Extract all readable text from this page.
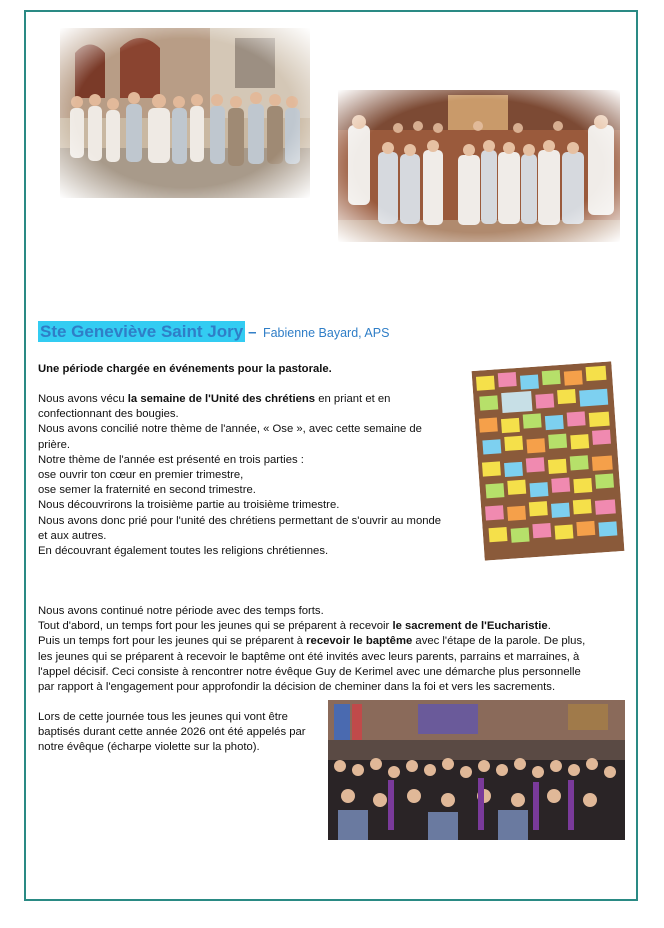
Ste Geneviève Saint Jory – Fabienne Bayard, APS

Une période chargée en événements pour la pastorale.

Nous avons vécu la semaine de l'Unité des chrétiens en priant et en

confectionnant des bougies.

Nous avons concilié notre thème de l'année, « Ose », avec cette semaine de

prière.

Notre thème de l'année est présenté en trois parties :

ose ouvrir ton cœur en premier trimestre,

ose semer la fraternité en second trimestre.

Nous découvrirons la troisième partie au troisième trimestre.

Nous avons donc prié pour l'unité des chrétiens permettant de s'ouvrir au monde

et aux autres.

En découvrant également toutes les religions chrétiennes.

Nous avons continué notre période avec des temps forts.

Tout d'abord, un temps fort pour les jeunes qui se préparent à recevoir le sacrement de l'Eucharistie.

Puis un temps fort pour les jeunes qui se préparent à recevoir le baptême avec l'étape de la parole. De plus,

les jeunes qui se préparent à recevoir le baptême ont été invités avec leurs parents, parrains et marraines, à

l'appel décisif. Ceci consiste à rencontrer notre évêque Guy de Kerimel avec une démarche plus personnelle

par rapport à l'engagement pour approfondir la décision de cheminer dans la foi et vers les sacrements.

Lors de cette journée tous les jeunes qui vont être

baptisés durant cette année 2026 ont été appelés par

notre évêque (écharpe violette sur la photo).
